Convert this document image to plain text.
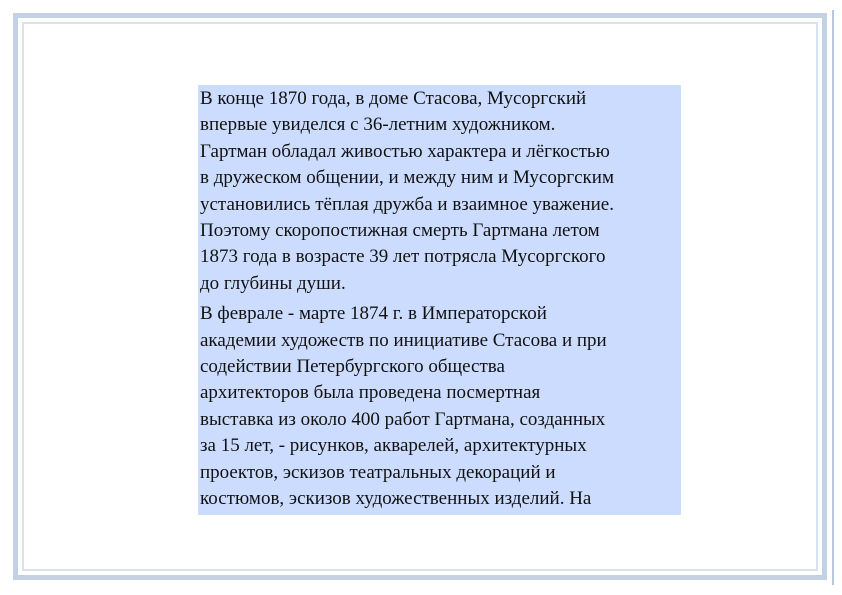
В конце 1870 года, в доме Стасова, Мусоргский
впервые увиделся с 36-летним художником.
Гартман обладал живостью характера и лёгкостью
в дружеском общении, и между ним и Мусоргским
установились тёплая дружба и взаимное уважение.
Поэтому скоропостижная смерть Гартмана летом
1873 года в возрасте 39 лет потрясла Мусоргского
до глубины души.

В феврале - марте 1874 г. в Императорской
академии художеств по инициативе Стасова и при
содействии Петербургского общества
архитекторов была проведена посмертная
выставка из около 400 работ Гартмана, созданных
за 15 лет, - рисунков, акварелей, архитектурных
проектов, эскизов театральных декораций и
костюмов, эскизов художественных изделий. На
